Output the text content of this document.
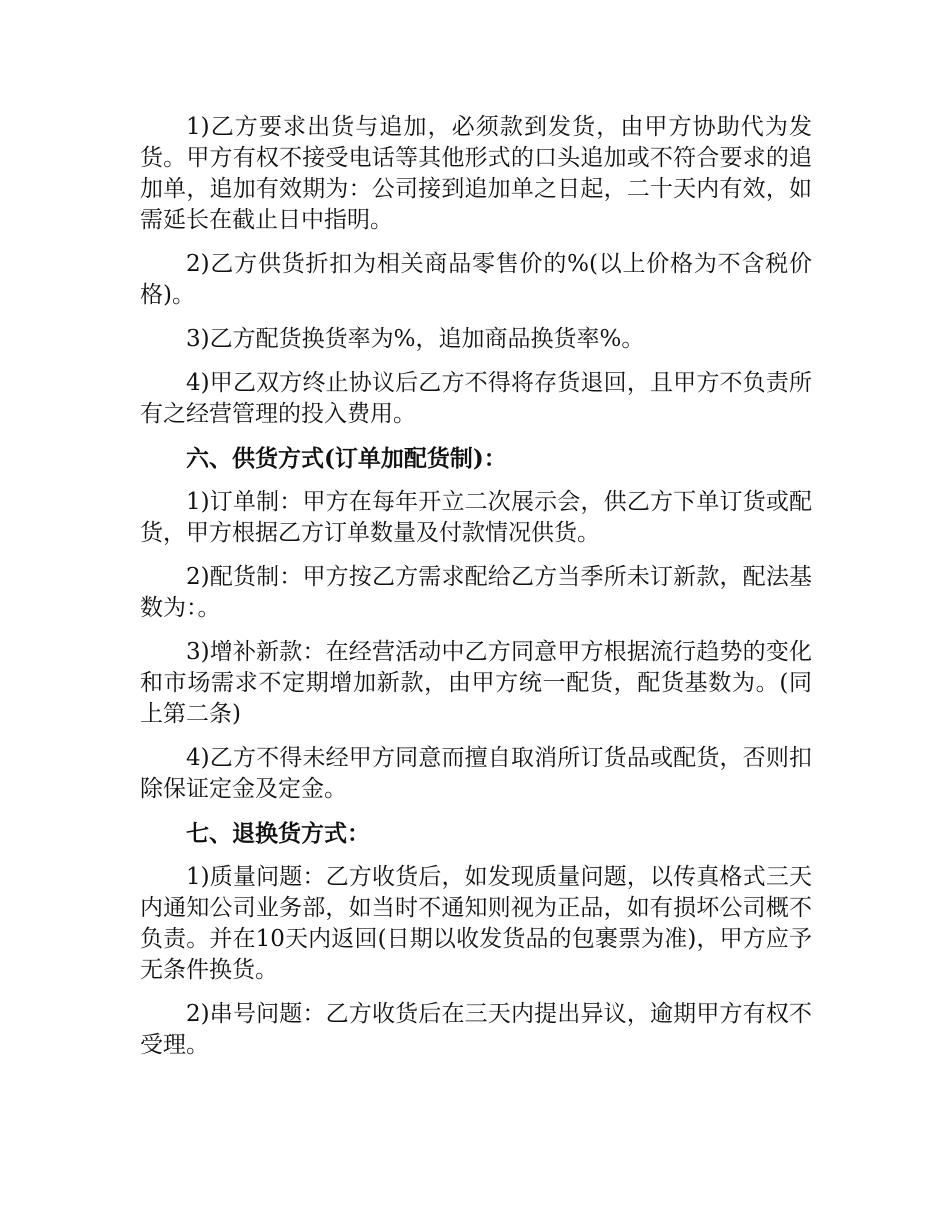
1)乙方要求出货与追加，必须款到发货，由甲方协助代为发货。甲方有权不接受电话等其他形式的口头追加或不符合要求的追加单，追加有效期为：公司接到追加单之日起，二十天内有效，如需延长在截止日中指明。

2)乙方供货折扣为相关商品零售价的%(以上价格为不含税价格)。

3)乙方配货换货率为%，追加商品换货率%。

4)甲乙双方终止协议后乙方不得将存货退回，且甲方不负责所有之经营管理的投入费用。

六、供货方式(订单加配货制)：

1)订单制：甲方在每年开立二次展示会，供乙方下单订货或配货，甲方根据乙方订单数量及付款情况供货。

2)配货制：甲方按乙方需求配给乙方当季所未订新款，配法基数为：。

3)增补新款：在经营活动中乙方同意甲方根据流行趋势的变化和市场需求不定期增加新款，由甲方统一配货，配货基数为。(同上第二条)

4)乙方不得未经甲方同意而擅自取消所订货品或配货，否则扣除保证定金及定金。

七、退换货方式：

1)质量问题：乙方收货后，如发现质量问题，以传真格式三天内通知公司业务部，如当时不通知则视为正品，如有损坏公司概不负责。并在10天内返回(日期以收发货品的包裹票为准)，甲方应予无条件换货。

2)串号问题：乙方收货后在三天内提出异议，逾期甲方有权不受理。
